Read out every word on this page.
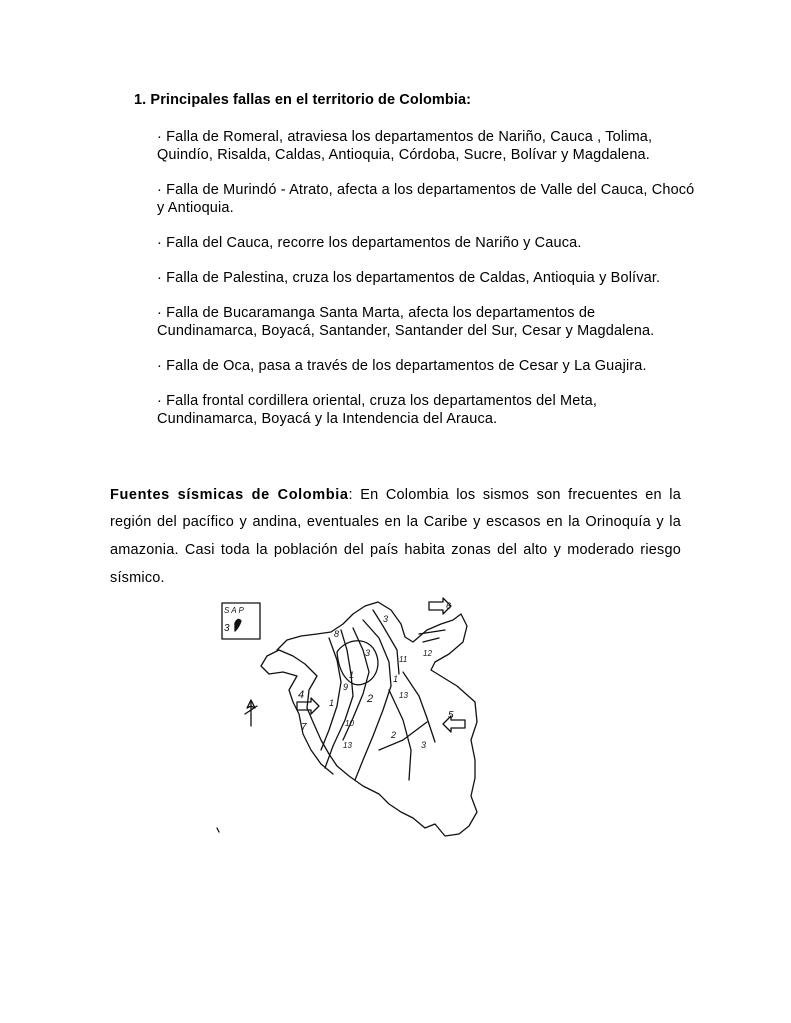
1. Principales fallas en el territorio de Colombia:
· Falla de Romeral, atraviesa los departamentos de Nariño, Cauca , Tolima, Quindío, Risalda, Caldas, Antioquia, Córdoba, Sucre, Bolívar y Magdalena.
· Falla de Murindó - Atrato, afecta a los departamentos de Valle del Cauca, Chocó y Antioquia.
· Falla del Cauca, recorre los departamentos de Nariño y Cauca.
· Falla de Palestina, cruza los departamentos de Caldas, Antioquia y Bolívar.
· Falla de Bucaramanga Santa Marta, afecta los departamentos de Cundinamarca, Boyacá, Santander, Santander del Sur, Cesar y Magdalena.
· Falla de Oca, pasa a través de los departamentos de Cesar y La Guajira.
· Falla frontal cordillera oriental, cruza los departamentos del Meta, Cundinamarca, Boyacá y la Intendencia del Arauca.

Fuentes sísmicas de Colombia: En Colombia los sismos son frecuentes en la región del pacífico y andina, eventuales en la Caribe y escasos en la Orinoquía y la amazonia. Casi toda la población del país habita zonas del alto y moderado riesgo sísmico.

S A P
3
1
1
1
2
2
3
3
3
4
5
6
7
8
9
10
11
12
13
13
